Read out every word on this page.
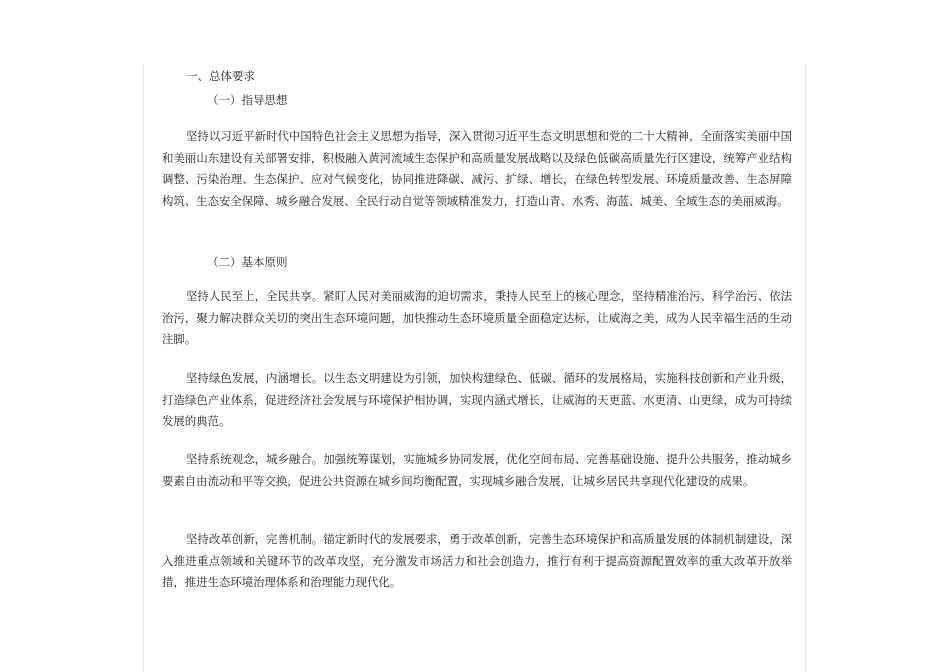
一、总体要求
（一）指导思想

坚持以习近平新时代中国特色社会主义思想为指导，深入贯彻习近平生态文明思想和党的二十大精神，全面落实美丽中国和美丽山东建设有关部署安排，积极融入黄河流域生态保护和高质量发展战略以及绿色低碳高质量先行区建设，统筹产业结构调整、污染治理、生态保护、应对气候变化，协同推进降碳、减污、扩绿、增长，在绿色转型发展、环境质量改善、生态屏障构筑、生态安全保障、城乡融合发展、全民行动自觉等领域精准发力，打造山青、水秀、海蓝、城美、全域生态的美丽威海。

（二）基本原则

坚持人民至上，全民共享。紧盯人民对美丽威海的迫切需求，秉持人民至上的核心理念，坚持精准治污、科学治污、依法治污，聚力解决群众关切的突出生态环境问题，加快推动生态环境质量全面稳定达标，让威海之美，成为人民幸福生活的生动注脚。

坚持绿色发展，内涵增长。以生态文明建设为引领，加快构建绿色、低碳、循环的发展格局，实施科技创新和产业升级，打造绿色产业体系，促进经济社会发展与环境保护相协调，实现内涵式增长，让威海的天更蓝、水更清、山更绿，成为可持续发展的典范。

坚持系统观念，城乡融合。加强统筹谋划，实施城乡协同发展，优化空间布局、完善基础设施、提升公共服务，推动城乡要素自由流动和平等交换，促进公共资源在城乡间均衡配置，实现城乡融合发展，让城乡居民共享现代化建设的成果。

坚持改革创新，完善机制。锚定新时代的发展要求，勇于改革创新，完善生态环境保护和高质量发展的体制机制建设，深入推进重点领域和关键环节的改革攻坚，充分激发市场活力和社会创造力，推行有利于提高资源配置效率的重大改革开放举措，推进生态环境治理体系和治理能力现代化。
